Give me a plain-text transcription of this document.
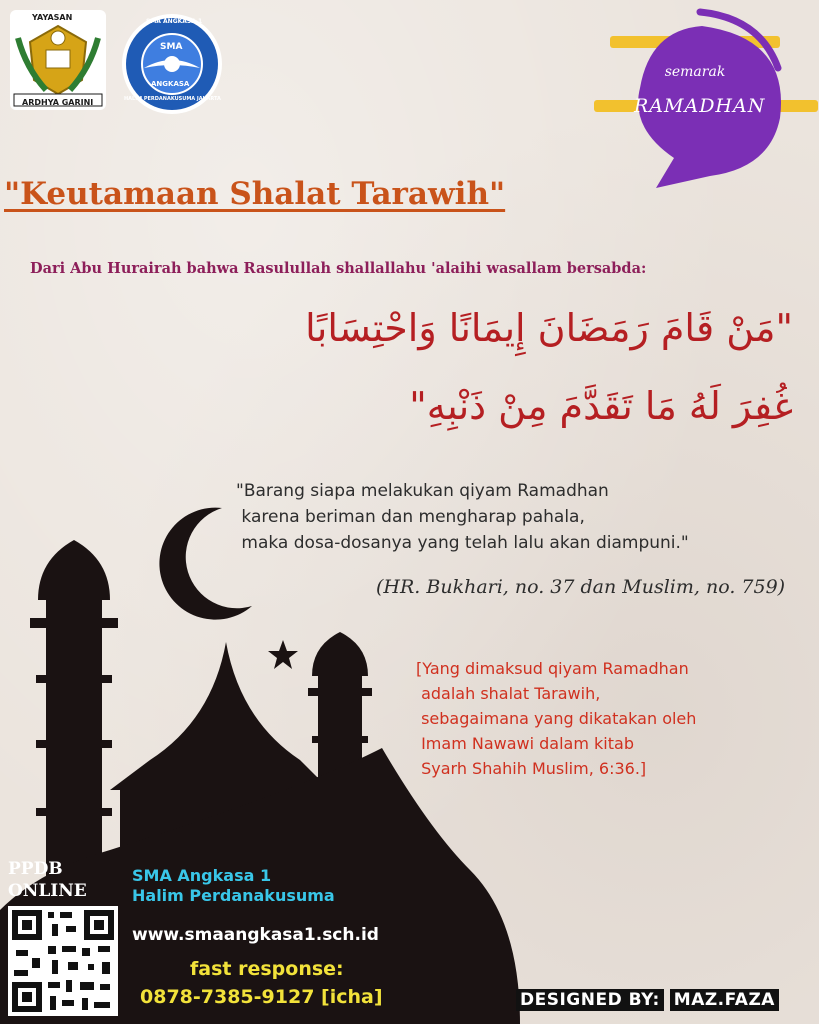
YAYASAN
ARDHYA GARINI
SMA
ANGKASA
SMA ANGKASA 1
HALIM PERDANAKUSUMA JAKARTA
semarak
RAMADHAN
"Keutamaan Shalat Tarawih"

Dari Abu Hurairah bahwa Rasulullah shallallahu 'alaihi wasallam bersabda:

"مَنْ قَامَ رَمَضَانَ إِيمَانًا وَاحْتِسَابًا

غُفِرَ لَهُ مَا تَقَدَّمَ مِنْ ذَنْبِهِ"

"Barang siapa melakukan qiyam Ramadhan
karena beriman dan mengharap pahala,
maka dosa-dosanya yang telah lalu akan diampuni."

(HR. Bukhari, no. 37 dan Muslim, no. 759)

[Yang dimaksud qiyam Ramadhan
adalah shalat Tarawih,
sebagaimana yang dikatakan oleh
Imam Nawawi dalam kitab
Syarh Shahih Muslim, 6:36.]

PPDB
ONLINE

SMA Angkasa 1
Halim Perdanakusuma

www.smaangkasa1.sch.id

fast response:

0878-7385-9127 [icha]	DESIGNED BY: MAZ.FAZA
